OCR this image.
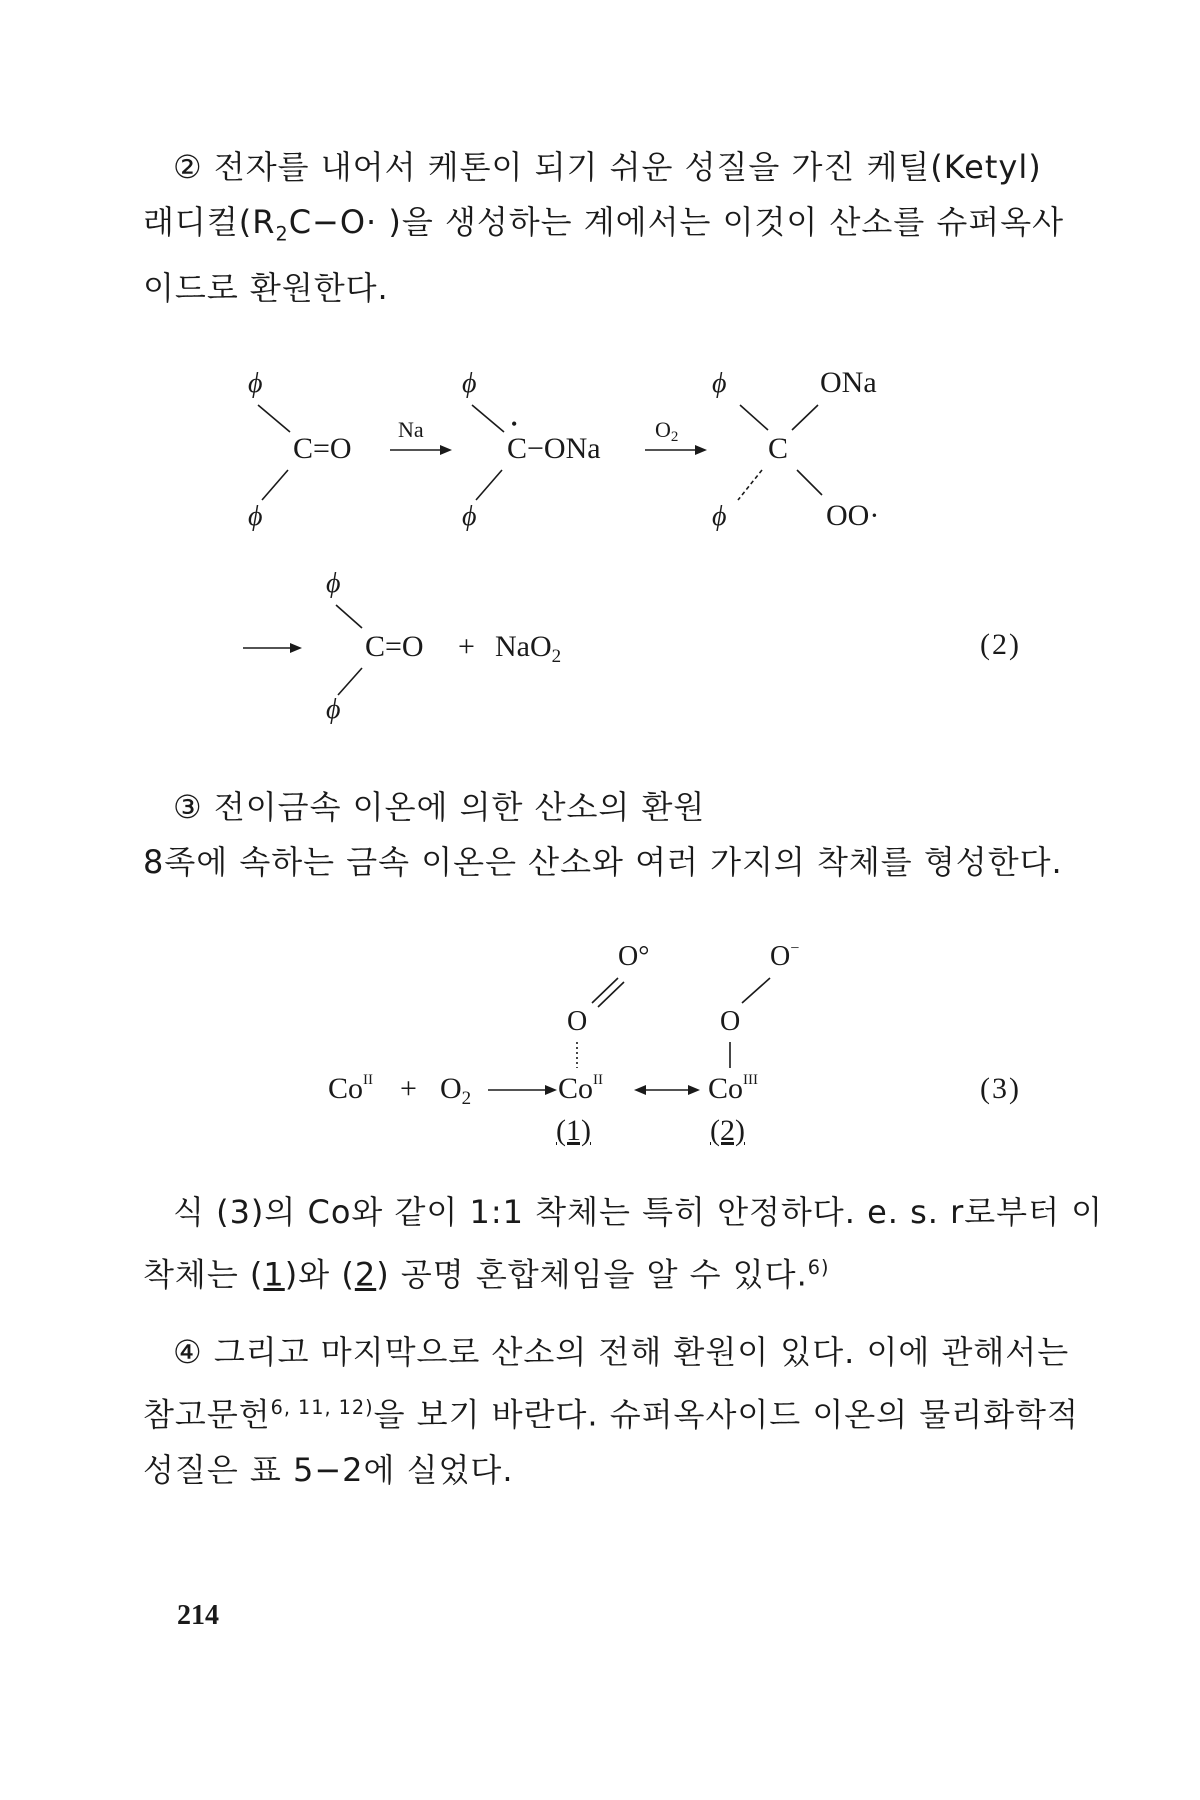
② 전자를 내어서 케톤이 되기 쉬운 성질을 가진 케틸(Ketyl)
래디컬($R_2C-O\cdot$ )을 생성하는 계에서는 이것이 산소를 슈퍼옥사
이드로 환원한다.
ϕ
C=O
ϕ
Na
ϕ
•
C−ONa
ϕ
O2
ϕ	ONa
C
ϕ	OO·
ϕ
C=O + NaO$_2$
ϕ
O°	O−
O	O
$Co^{II} + O_2$	$Co^{II}$	$Co^{III}$
(1)	(2)
(2)
(3)
③ 전이금속 이온에 의한 산소의 환원
8족에 속하는 금속 이온은 산소와 여러 가지의 착체를 형성한다.
식 (3)의 Co와 같이 1:1 착체는 특히 안정하다. e. s. r로부터 이
착체는 (1)와 (2) 공명 혼합체임을 알 수 있다.$^{6)}$
④ 그리고 마지막으로 산소의 전해 환원이 있다. 이에 관해서는
참고문헌$^{6, 11, 12)}$을 보기 바란다. 슈퍼옥사이드 이온의 물리화학적
성질은 표 5−2에 실었다.
214
